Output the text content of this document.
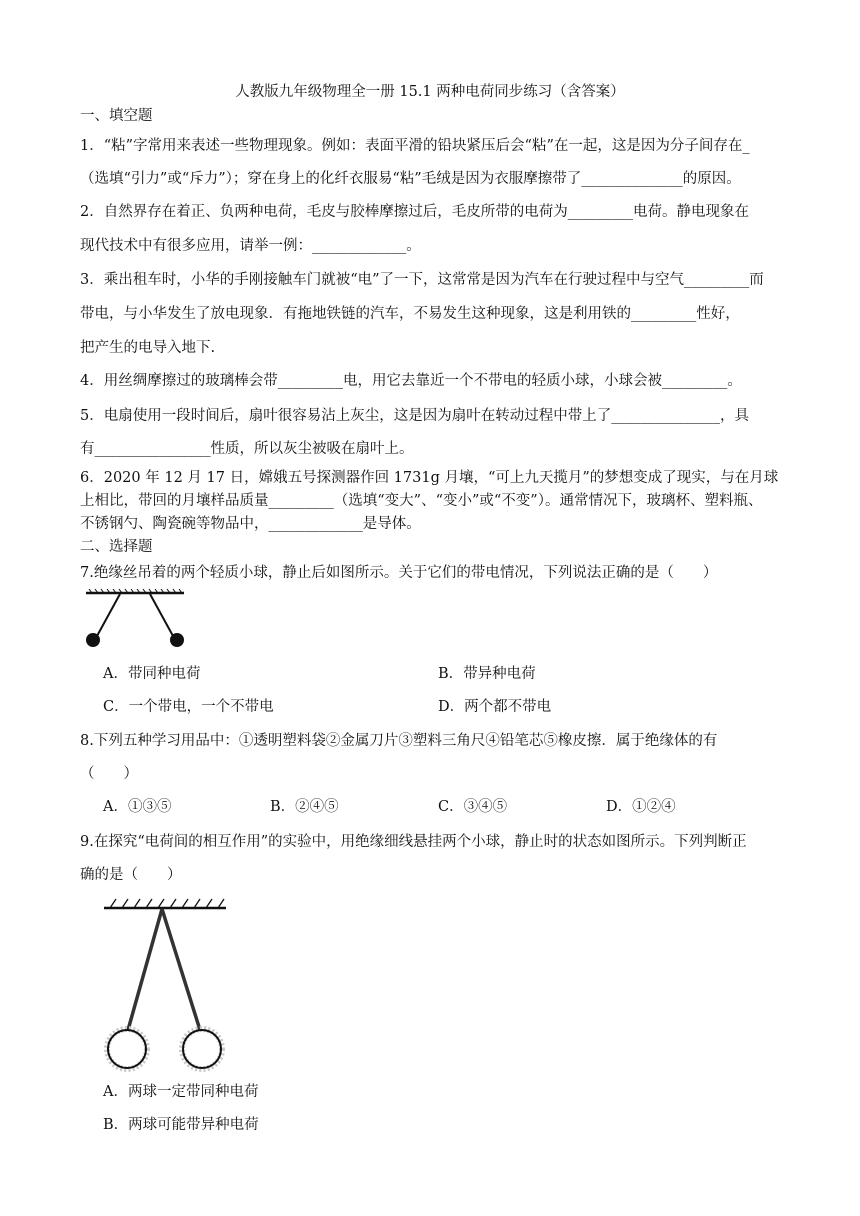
人教版九年级物理全一册 15.1 两种电荷同步练习（含答案）
一、填空题
1．“粘”字常用来表述一些物理现象。例如：表面平滑的铅块紧压后会“粘”在一起，这是因为分子间存在_
（选填“引力”或“斥力”）；穿在身上的化纤衣服易“粘”毛绒是因为衣服摩擦带了______________的原因。
2．自然界存在着正、负两种电荷，毛皮与胶棒摩擦过后，毛皮所带的电荷为_________电荷。静电现象在
现代技术中有很多应用，请举一例：_____________。
3．乘出租车时，小华的手刚接触车门就被“电”了一下，这常常是因为汽车在行驶过程中与空气_________而
带电，与小华发生了放电现象．有拖地铁链的汽车，不易发生这种现象，这是利用铁的_________性好，
把产生的电导入地下.
4．用丝绸摩擦过的玻璃棒会带_________电，用它去靠近一个不带电的轻质小球，小球会被_________。
5．电扇使用一段时间后，扇叶很容易沾上灰尘，这是因为扇叶在转动过程中带上了_______________，具
有________________性质，所以灰尘被吸在扇叶上。
6．2020 年 12 月 17 日，嫦娥五号探测器作回 1731g 月壤，“可上九天揽月”的梦想变成了现实，与在月球
上相比，带回的月壤样品质量_________（选填“变大”、“变小”或“不变”）。通常情况下，玻璃杯、塑料瓶、
不锈钢勺、陶瓷碗等物品中，_____________是导体。
二、选择题
7.绝缘丝吊着的两个轻质小球，静止后如图所示。关于它们的带电情况，下列说法正确的是（　　）
A．带同种电荷	B．带异种电荷
C．一个带电，一个不带电	D．两个都不带电
8.下列五种学习用品中：①透明塑料袋②金属刀片③塑料三角尺④铅笔芯⑤橡皮擦．属于绝缘体的有
（　　）
A．①③⑤	B．②④⑤	C．③④⑤	D．①②④
9.在探究“电荷间的相互作用”的实验中，用绝缘细线悬挂两个小球，静止时的状态如图所示。下列判断正
确的是（　　）
A．两球一定带同种电荷
B．两球可能带异种电荷
